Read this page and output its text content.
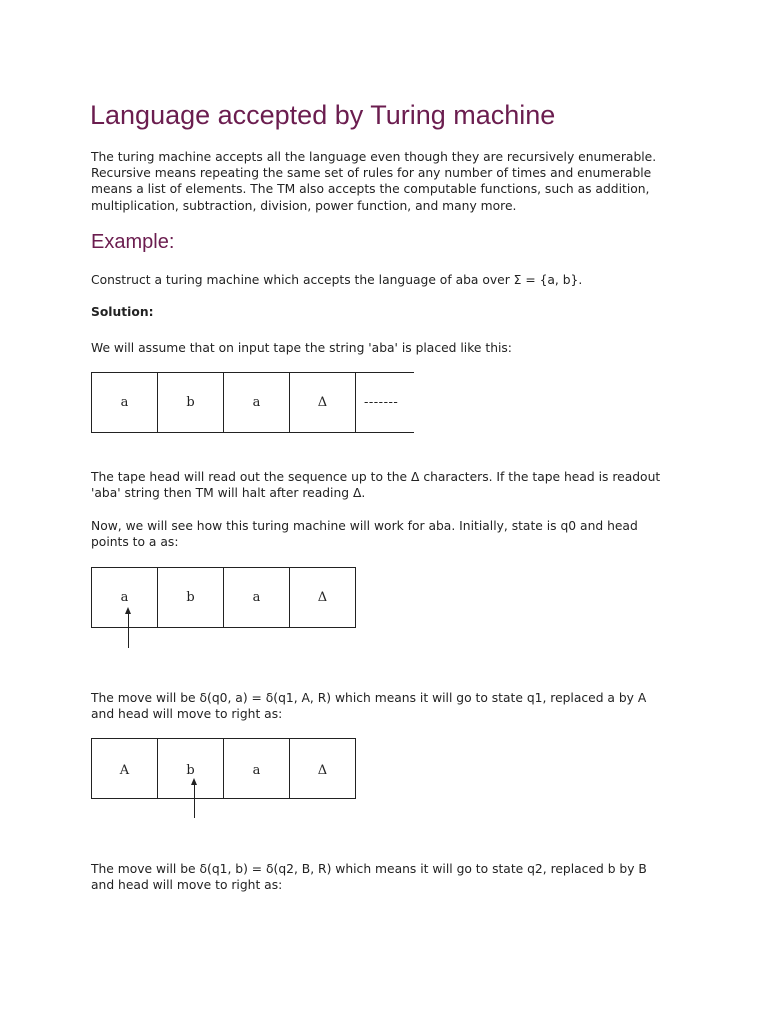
Language accepted by Turing machine
The turing machine accepts all the language even though they are recursively enumerable.
Recursive means repeating the same set of rules for any number of times and enumerable
means a list of elements. The TM also accepts the computable functions, such as addition,
multiplication, subtraction, division, power function, and many more.
Example:
Construct a turing machine which accepts the language of aba over Σ = {a, b}.
Solution:
We will assume that on input tape the string 'aba' is placed like this:
a	b	a	Δ	-------
The tape head will read out the sequence up to the Δ characters. If the tape head is readout
'aba' string then TM will halt after reading Δ.
Now, we will see how this turing machine will work for aba. Initially, state is q0 and head
points to a as:
a	b	a	Δ
The move will be δ(q0, a) = δ(q1, A, R) which means it will go to state q1, replaced a by A
and head will move to right as:
A	b	a	Δ
The move will be δ(q1, b) = δ(q2, B, R) which means it will go to state q2, replaced b by B
and head will move to right as:
